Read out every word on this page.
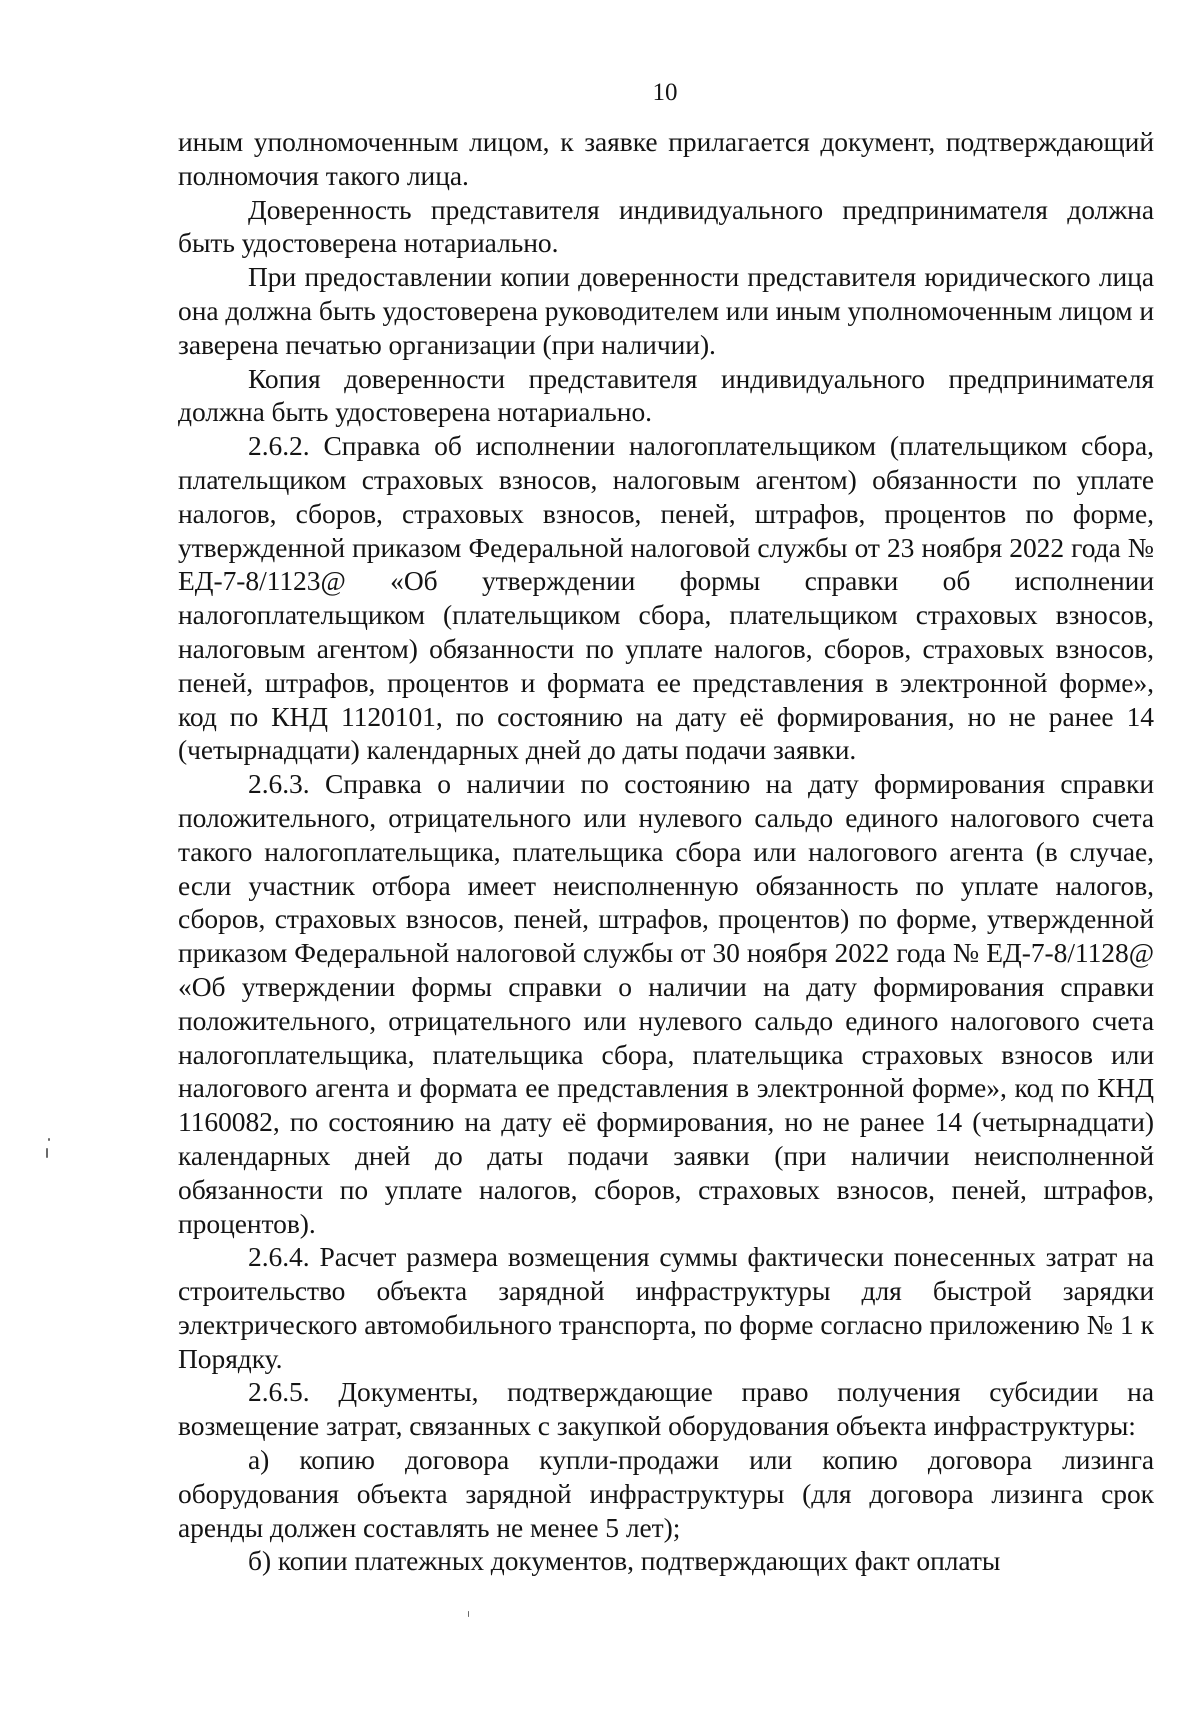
10

иным уполномоченным лицом, к заявке прилагается документ, подтверждающий полномочия такого лица.

Доверенность представителя индивидуального предпринимателя должна быть удостоверена нотариально.

При предоставлении копии доверенности представителя юридического лица она должна быть удостоверена руководителем или иным уполномоченным лицом и заверена печатью организации (при наличии).

Копия доверенности представителя индивидуального предпринимателя должна быть удостоверена нотариально.

2.6.2. Справка об исполнении налогоплательщиком (плательщиком сбора, плательщиком страховых взносов, налоговым агентом) обязанности по уплате налогов, сборов, страховых взносов, пеней, штрафов, процентов по форме, утвержденной приказом Федеральной налоговой службы от 23 ноября 2022 года № ЕД-7-8/1123@ «Об утверждении формы справки об исполнении налогоплательщиком (плательщиком сбора, плательщиком страховых взносов, налоговым агентом) обязанности по уплате налогов, сборов, страховых взносов, пеней, штрафов, процентов и формата ее представления в электронной форме», код по КНД 1120101, по состоянию на дату её формирования, но не ранее 14 (четырнадцати) календарных дней до даты подачи заявки.

2.6.3. Справка о наличии по состоянию на дату формирования справки положительного, отрицательного или нулевого сальдо единого налогового счета такого налогоплательщика, плательщика сбора или налогового агента (в случае, если участник отбора имеет неисполненную обязанность по уплате налогов, сборов, страховых взносов, пеней, штрафов, процентов) по форме, утвержденной приказом Федеральной налоговой службы от 30 ноября 2022 года № ЕД-7-8/1128@ «Об утверждении формы справки о наличии на дату формирования справки положительного, отрицательного или нулевого сальдо единого налогового счета налогоплательщика, плательщика сбора, плательщика страховых взносов или налогового агента и формата ее представления в электронной форме», код по КНД 1160082, по состоянию на дату её формирования, но не ранее 14 (четырнадцати) календарных дней до даты подачи заявки (при наличии неисполненной обязанности по уплате налогов, сборов, страховых взносов, пеней, штрафов, процентов).

2.6.4. Расчет размера возмещения суммы фактически понесенных затрат на строительство объекта зарядной инфраструктуры для быстрой зарядки электрического автомобильного транспорта, по форме согласно приложению № 1 к Порядку.

2.6.5. Документы, подтверждающие право получения субсидии на возмещение затрат, связанных с закупкой оборудования объекта инфраструктуры:

а) копию договора купли-продажи или копию договора лизинга оборудования объекта зарядной инфраструктуры (для договора лизинга срок аренды должен составлять не менее 5 лет);

б) копии платежных документов, подтверждающих факт оплаты
